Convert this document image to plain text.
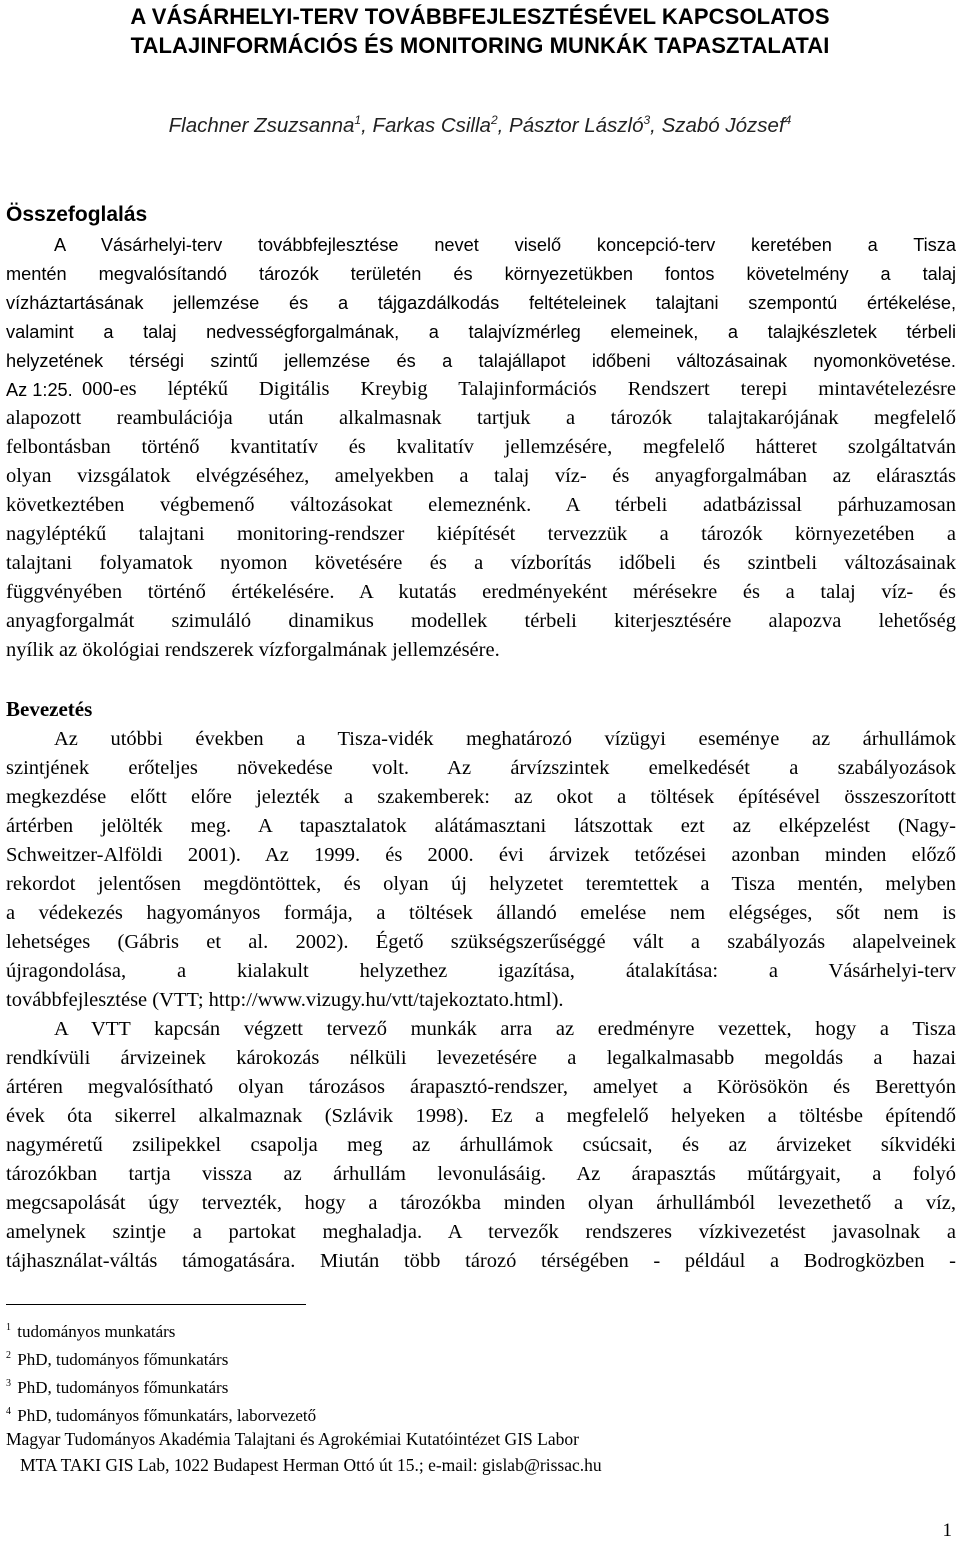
A VÁSÁRHELYI-TERV TOVÁBBFEJLESZTÉSÉVEL KAPCSOLATOS
TALAJINFORMÁCIÓS ÉS MONITORING MUNKÁK TAPASZTALATAI
Flachner Zsuzsanna$^1$, Farkas Csilla$^2$, Pásztor László$^3$, Szabó József$^4$
Összefoglalás
A Vásárhelyi-terv továbbfejlesztése nevet viselő koncepció-terv keretében a Tisza
mentén megvalósítandó tározók területén és környezetükben fontos követelmény a talaj
vízháztartásának jellemzése és a tájgazdálkodás feltételeinek talajtani szempontú értékelése,
valamint a talaj nedvességforgalmának, a talajvízmérleg elemeinek, a talajkészletek térbeli
helyzetének térségi szintű jellemzése és a talajállapot időbeni változásainak nyomonkövetése.
Az 1:25. 000-es léptékű Digitális Kreybig Talajinformációs Rendszert terepi mintavételezésre
alapozott reambulációja után alkalmasnak tartjuk a tározók talajtakarójának megfelelő
felbontásban történő kvantitatív és kvalitatív jellemzésére, megfelelő hátteret szolgáltatván
olyan vizsgálatok elvégzéséhez, amelyekben a talaj víz- és anyagforgalmában az elárasztás
következtében végbemenő változásokat elemeznénk. A térbeli adatbázissal párhuzamosan
nagyléptékű talajtani monitoring-rendszer kiépítését tervezzük a tározók környezetében a
talajtani folyamatok nyomon követésére és a vízborítás időbeli és szintbeli változásainak
függvényében történő értékelésére. A kutatás eredményeként mérésekre és a talaj víz- és
anyagforgalmát szimuláló dinamikus modellek térbeli kiterjesztésére alapozva lehetőség
nyílik az ökológiai rendszerek vízforgalmának jellemzésére.
Bevezetés
Az utóbbi években a Tisza-vidék meghatározó vízügyi eseménye az árhullámok
szintjének erőteljes növekedése volt. Az árvízszintek emelkedését a szabályozások
megkezdése előtt előre jelezték a szakemberek: az okot a töltések építésével összeszorított
ártérben jelölték meg. A tapasztalatok alátámasztani látszottak ezt az elképzelést (Nagy-
Schweitzer-Alföldi 2001). Az 1999. és 2000. évi árvizek tetőzései azonban minden előző
rekordot jelentősen megdöntöttek, és olyan új helyzetet teremtettek a Tisza mentén, melyben
a védekezés hagyományos formája, a töltések állandó emelése nem elégséges, sőt nem is
lehetséges (Gábris et al. 2002). Égető szükségszerűséggé vált a szabályozás alapelveinek
újragondolása, a kialakult helyzethez igazítása, átalakítása: a Vásárhelyi-terv
továbbfejlesztése (VTT; http://www.vizugy.hu/vtt/tajekoztato.html).
A VTT kapcsán végzett tervező munkák arra az eredményre vezettek, hogy a Tisza
rendkívüli árvizeinek károkozás nélküli levezetésére a legalkalmasabb megoldás a hazai
ártéren megvalósítható olyan tározásos árapasztó-rendszer, amelyet a Körösökön és Berettyón
évek óta sikerrel alkalmaznak (Szlávik 1998). Ez a megfelelő helyeken a töltésbe építendő
nagyméretű zsilipekkel csapolja meg az árhullámok csúcsait, és az árvizeket síkvidéki
tározókban tartja vissza az árhullám levonulásáig. Az árapasztás műtárgyait, a folyó
megcsapolását úgy tervezték, hogy a tározókba minden olyan árhullámból levezethető a víz,
amelynek szintje a partokat meghaladja. A tervezők rendszeres vízkivezetést javasolnak a
tájhasználat-váltás támogatására. Miután több tározó térségében - például a Bodrogközben -
$^1$ tudományos munkatárs
$^2$ PhD, tudományos főmunkatárs
$^3$ PhD, tudományos főmunkatárs
$^4$ PhD, tudományos főmunkatárs, laborvezető
Magyar Tudományos Akadémia Talajtani és Agrokémiai Kutatóintézet GIS Labor
MTA TAKI GIS Lab, 1022 Budapest Herman Ottó út 15.; e-mail: gislab@rissac.hu
1
